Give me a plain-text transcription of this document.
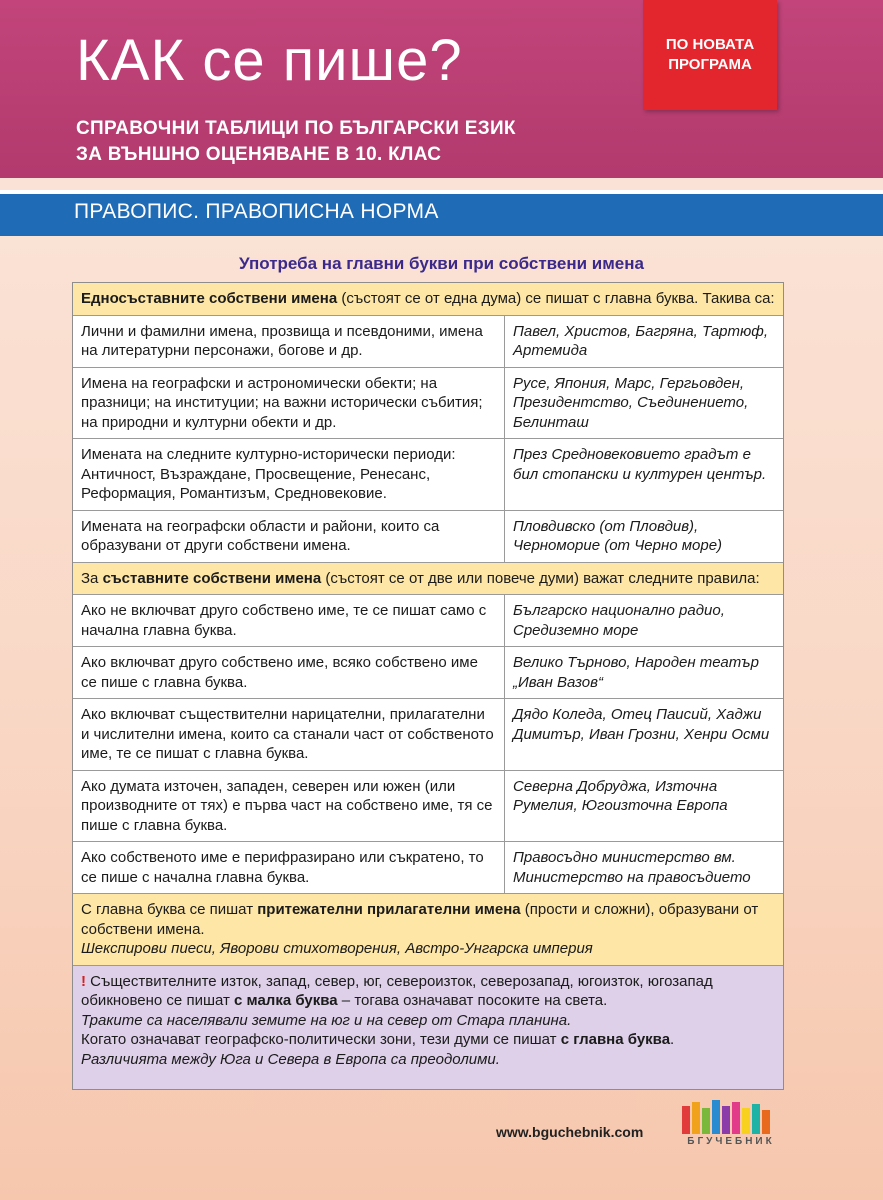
КАК се пише?
СПРАВОЧНИ ТАБЛИЦИ ПО БЪЛГАРСКИ ЕЗИК
ЗА ВЪНШНО ОЦЕНЯВАНЕ В 10. КЛАС
ПО НОВАТА
ПРОГРАМА
ПРАВОПИС. ПРАВОПИСНА НОРМА
Употреба на главни букви при собствени имена
Едносъставните собствени имена (състоят се от една дума) се пишат с главна буква. Такива са:
Лични и фамилни имена, прозвища и псевдоними, имена на литературни персонажи, богове и др.
Павел, Христов, Багряна, Тартюф, Артемида
Имена на географски и астрономически обекти; на празници; на институции; на важни исторически събития; на природни и културни обекти и др.
Русе, Япония, Марс, Гергьовден, Президентство, Съединението, Белинташ
Имената на следните културно-исторически периоди: Античност, Възраждане, Просвещение, Ренесанс, Реформация, Романтизъм, Средновековие.
През Средновековието градът е бил стопански и културен център.
Имената на географски области и райони, които са образувани от други собствени имена.
Пловдивско (от Пловдив), Черноморие (от Черно море)
За съставните собствени имена (състоят се от две или повече думи) важат следните правила:
Ако не включват друго собствено име, те се пишат само с начална главна буква.
Българско национално радио, Средиземно море
Ако включват друго собствено име, всяко собствено име се пише с главна буква.
Велико Търново, Народен театър „Иван Вазов“
Ако включват съществителни нарицателни, прилагателни и числителни имена, които са станали част от собственото име, те се пишат с главна буква.
Дядо Коледа, Отец Паисий, Хаджи Димитър, Иван Грозни, Хенри Осми
Ако думата източен, западен, северен или южен (или производните от тях) е първа част на собствено име, тя се пише с главна буква.
Северна Добруджа, Източна Румелия, Югоизточна Европа
Ако собственото име е перифразирано или съкратено, то се пише с начална главна буква.
Правосъдно министерство вм. Министерство на правосъдието
С главна буква се пишат притежателни прилагателни имена (прости и сложни), образувани от собствени имена.
Шекспирови пиеси, Яворови стихотворения, Австро-Унгарска империя
! Съществителните изток, запад, север, юг, североизток, северозапад, югоизток, югозапад обикновено се пишат с малка буква – тогава означават посоките на света.
Траките са населявали земите на юг и на север от Стара планина.
Когато означават географско-политически зони, тези думи се пишат с главна буква.
Различията между Юга и Севера в Европа са преодолими.
www.bguchebnik.com
БГУЧЕБНИК
